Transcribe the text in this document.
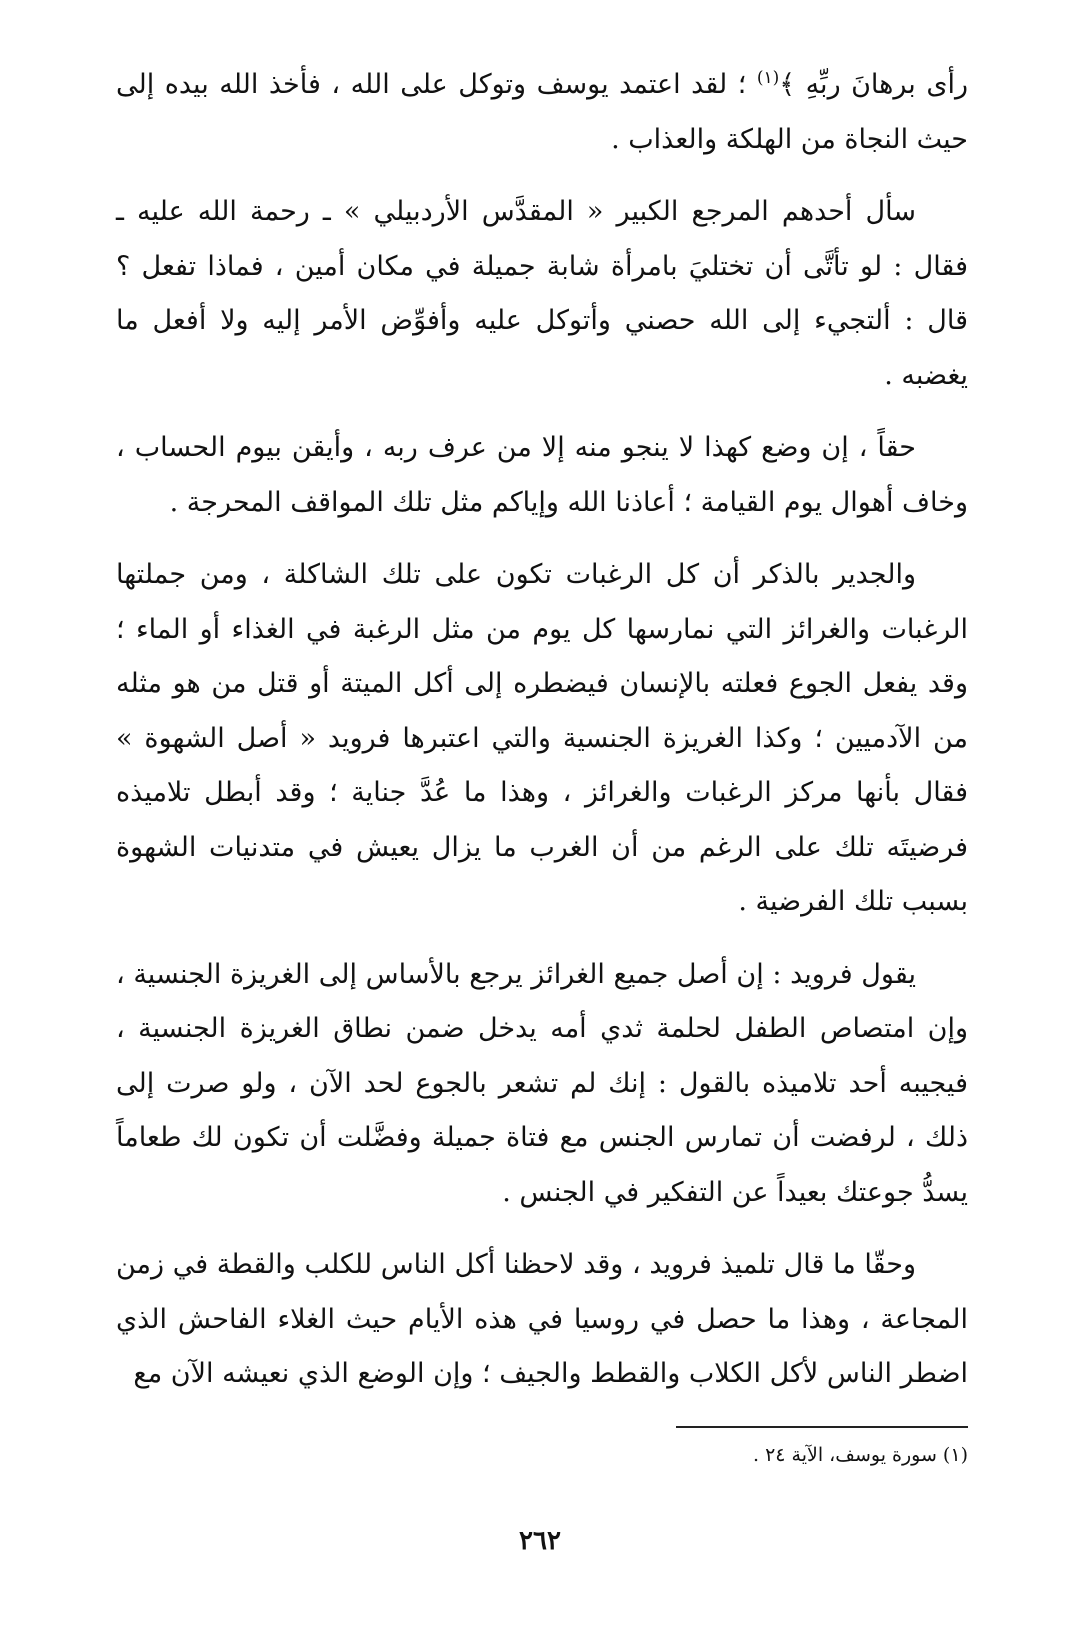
رأى برهانَ ربِّهِ ﴾$^{(١)}$ ؛ لقد اعتمد يوسف وتوكل على الله ، فأخذ الله بيده إلى حيث النجاة من الهلكة والعذاب .

سأل أحدهم المرجع الكبير « المقدَّس الأردبيلي » ـ رحمة الله عليه ـ فقال : لو تأتَّى أن تختليَ بامرأة شابة جميلة في مكان أمين ، فماذا تفعل ؟ قال : ألتجيء إلى الله حصني وأتوكل عليه وأفوِّض الأمر إليه ولا أفعل ما يغضبه .

حقاً ، إن وضع كهذا لا ينجو منه إلا من عرف ربه ، وأيقن بيوم الحساب ، وخاف أهوال يوم القيامة ؛ أعاذنا الله وإياكم مثل تلك المواقف المحرجة .

والجدير بالذكر أن كل الرغبات تكون على تلك الشاكلة ، ومن جملتها الرغبات والغرائز التي نمارسها كل يوم من مثل الرغبة في الغذاء أو الماء ؛ وقد يفعل الجوع فعلته بالإنسان فيضطره إلى أكل الميتة أو قتل من هو مثله من الآدميين ؛ وكذا الغريزة الجنسية والتي اعتبرها فرويد « أصل الشهوة » فقال بأنها مركز الرغبات والغرائز ، وهذا ما عُدَّ جناية ؛ وقد أبطل تلاميذه فرضيتَه تلك على الرغم من أن الغرب ما يزال يعيش في متدنيات الشهوة بسبب تلك الفرضية .

يقول فرويد : إن أصل جميع الغرائز يرجع بالأساس إلى الغريزة الجنسية ، وإن امتصاص الطفل لحلمة ثدي أمه يدخل ضمن نطاق الغريزة الجنسية ، فيجيبه أحد تلاميذه بالقول : إنك لم تشعر بالجوع لحد الآن ، ولو صرت إلى ذلك ، لرفضت أن تمارس الجنس مع فتاة جميلة وفضَّلت أن تكون لك طعاماً يسدُّ جوعتك بعيداً عن التفكير في الجنس .

وحقّا ما قال تلميذ فرويد ، وقد لاحظنا أكل الناس للكلب والقطة في زمن المجاعة ، وهذا ما حصل في روسيا في هذه الأيام حيث الغلاء الفاحش الذي اضطر الناس لأكل الكلاب والقطط والجيف ؛ وإن الوضع الذي نعيشه الآن مع

(١) سورة يوسف، الآية ٢٤ .
٢٦٢
